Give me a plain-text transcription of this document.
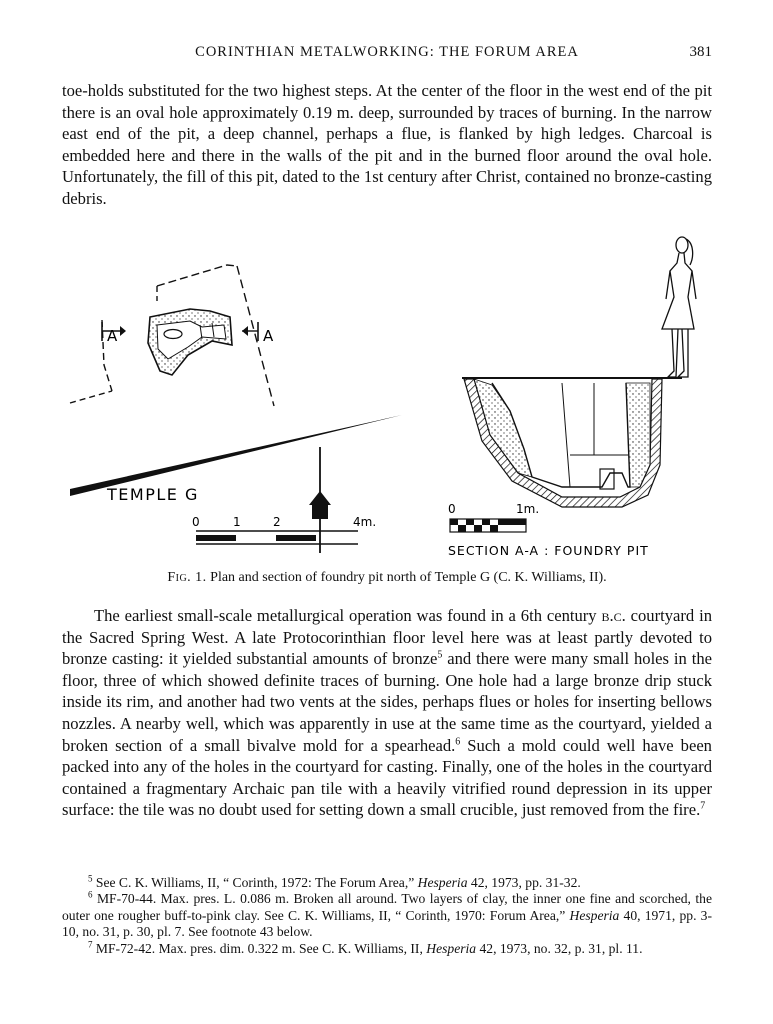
CORINTHIAN METALWORKING: THE FORUM AREA	381

toe-holds substituted for the two highest steps. At the center of the floor in the west end of the pit there is an oval hole approximately 0.19 m. deep, surrounded by traces of burning. In the narrow east end of the pit, a deep channel, perhaps a flue, is flanked by high ledges. Charcoal is embedded here and there in the walls of the pit and in the burned floor around the oval hole. Unfortunately, the fill of this pit, dated to the 1st century after Christ, contained no bronze-casting debris.

A	A
TEMPLE G
0	1	2	4m.
0	1m.
SECTION A-A : FOUNDRY PIT
Fig. 1. Plan and section of foundry pit north of Temple G (C. K. Williams, II).

The earliest small-scale metallurgical operation was found in a 6th century b.c. courtyard in the Sacred Spring West. A late Protocorinthian floor level here was at least partly devoted to bronze casting: it yielded substantial amounts of bronze$^5$ and there were many small holes in the floor, three of which showed definite traces of burning. One hole had a large bronze drip stuck inside its rim, and another had two vents at the sides, perhaps flues or holes for inserting bellows nozzles. A nearby well, which was apparently in use at the same time as the courtyard, yielded a broken section of a small bivalve mold for a spearhead.$^6$ Such a mold could well have been packed into any of the holes in the courtyard for casting. Finally, one of the holes in the courtyard contained a fragmentary Archaic pan tile with a heavily vitrified round depression in its upper surface: the tile was no doubt used for setting down a small crucible, just removed from the fire.$^7$

$^5$ See C. K. Williams, II, “ Corinth, 1972: The Forum Area,” Hesperia 42, 1973, pp. 31-32.

$^6$ MF-70-44. Max. pres. L. 0.086 m. Broken all around. Two layers of clay, the inner one fine and scorched, the outer one rougher buff-to-pink clay. See C. K. Williams, II, “ Corinth, 1970: Forum Area,” Hesperia 40, 1971, pp. 3-10, no. 31, p. 30, pl. 7. See footnote 43 below.

$^7$ MF-72-42. Max. pres. dim. 0.322 m. See C. K. Williams, II, Hesperia 42, 1973, no. 32, p. 31, pl. 11.
